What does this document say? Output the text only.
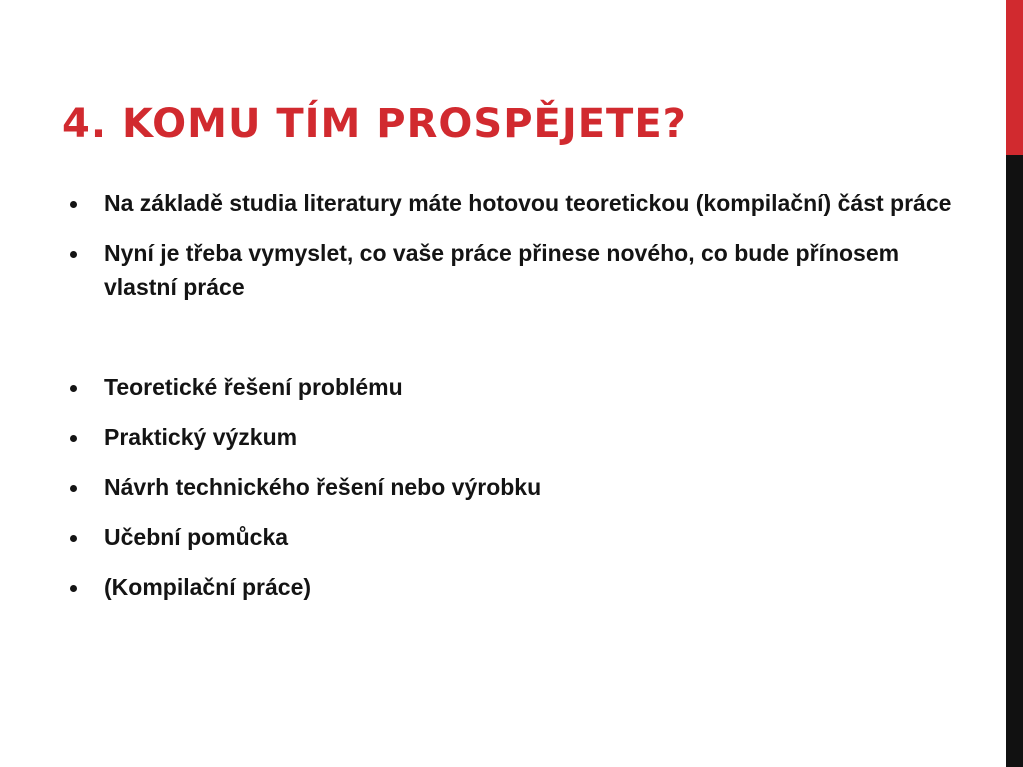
4. KOMU TÍM PROSPĚJETE?
Na základě studia literatury máte hotovou teoretickou (kompilační) část práce
Nyní je třeba vymyslet, co vaše práce přinese nového, co bude přínosem vlastní práce
Teoretické řešení problému
Praktický výzkum
Návrh technického řešení nebo výrobku
Učební pomůcka
(Kompilační práce)
